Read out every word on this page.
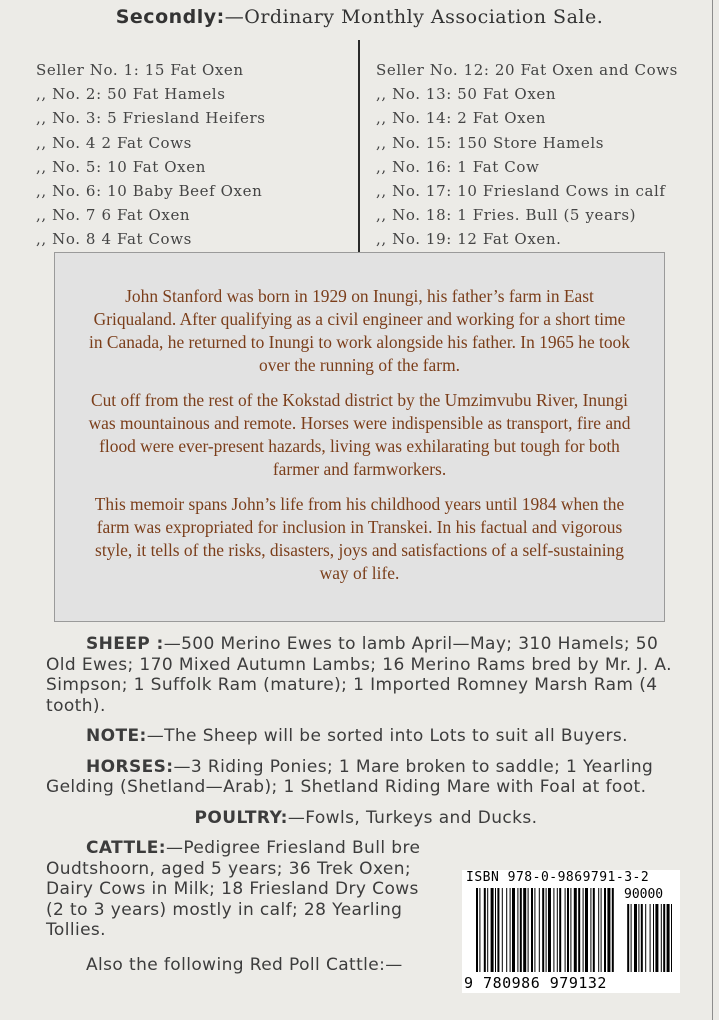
Secondly:—Ordinary Monthly Association Sale.
Seller No. 1: 15 Fat Oxen
,, No. 2: 50 Fat Hamels
,, No. 3: 5 Friesland Heifers
,, No. 4 2 Fat Cows
,, No. 5: 10 Fat Oxen
,, No. 6: 10 Baby Beef Oxen
,, No. 7 6 Fat Oxen
,, No. 8 4 Fat Cows
Seller No. 12: 20 Fat Oxen and Cows
,, No. 13: 50 Fat Oxen
,, No. 14: 2 Fat Oxen
,, No. 15: 150 Store Hamels
,, No. 16: 1 Fat Cow
,, No. 17: 10 Friesland Cows in calf
,, No. 18: 1 Fries. Bull (5 years)
,, No. 19: 12 Fat Oxen.

John Stanford was born in 1929 on Inungi, his father’s farm in East Griqualand. After qualifying as a civil engineer and working for a short time in Canada, he returned to Inungi to work alongside his father. In 1965 he took over the running of the farm.

Cut off from the rest of the Kokstad district by the Umzimvubu River, Inungi was mountainous and remote. Horses were indispensible as transport, fire and flood were ever-present hazards, living was exhilarating but tough for both farmer and farmworkers.

This memoir spans John’s life from his childhood years until 1984 when the farm was expropriated for inclusion in Transkei. In his factual and vigorous style, it tells of the risks, disasters, joys and satisfactions of a self-sustaining way of life.

SHEEP :—500 Merino Ewes to lamb April—May; 310 Hamels; 50 Old Ewes; 170 Mixed Autumn Lambs; 16 Merino Rams bred by Mr. J. A. Simpson; 1 Suffolk Ram (mature); 1 Imported Romney Marsh Ram (4 tooth).

NOTE:—The Sheep will be sorted into Lots to suit all Buyers.

HORSES:—3 Riding Ponies; 1 Mare broken to saddle; 1 Yearling Gelding (Shetland—Arab); 1 Shetland Riding Mare with Foal at foot.

POULTRY:—Fowls, Turkeys and Ducks.

CATTLE:—Pedigree Friesland Bull bre
Oudtshoorn, aged 5 years; 36 Trek Oxen;
Dairy Cows in Milk; 18 Friesland Dry Cows
(2 to 3 years) mostly in calf; 28 Yearling
Tollies.

Also the following Red Poll Cattle:—

ISBN 978-0-9869791-3-2
90000
9 780986 979132
